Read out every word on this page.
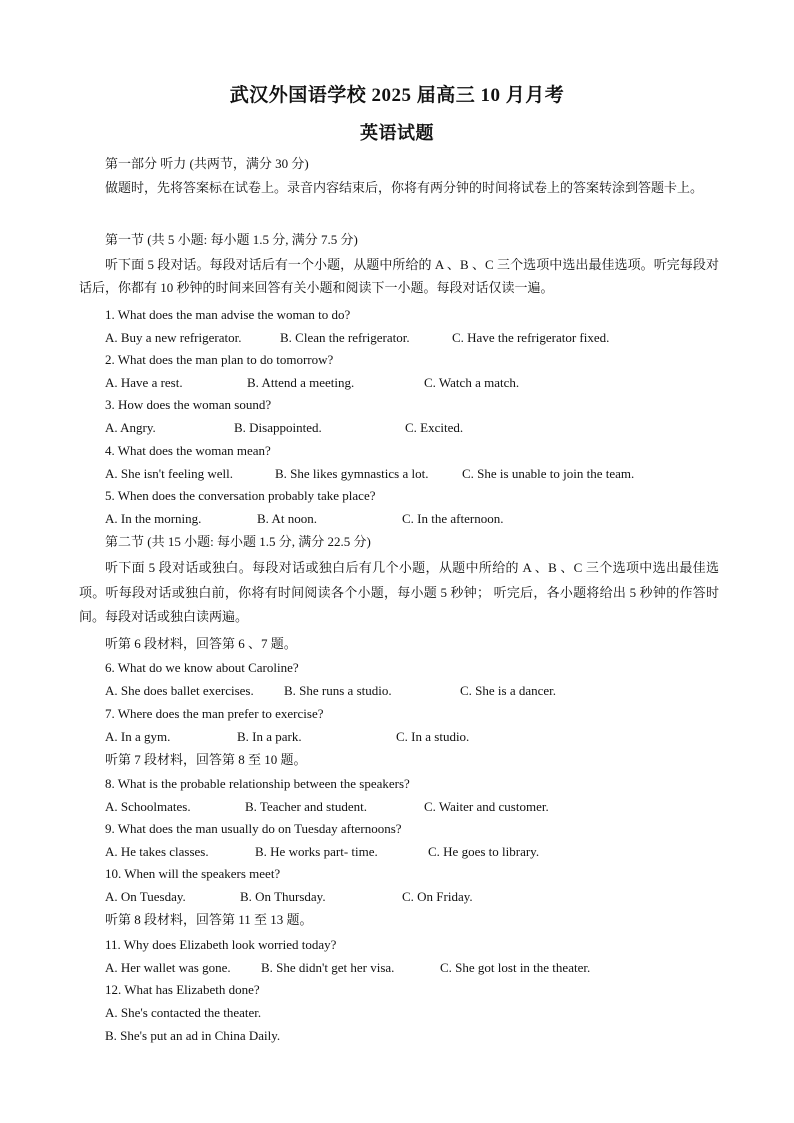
武汉外国语学校 2025 届高三 10 月月考
英语试题
第一部分 听力 (共两节，满分 30 分)
做题时，先将答案标在试卷上。录音内容结束后，你将有两分钟的时间将试卷上的答案转涂到答题卡上。
第一节 (共 5 小题: 每小题 1.5 分, 满分 7.5 分)
听下面 5 段对话。每段对话后有一个小题，从题中所给的 A 、B 、C 三个选项中选出最佳选项。听完每段对话后，你都有 10 秒钟的时间来回答有关小题和阅读下一小题。每段对话仅读一遍。
1. What does the man advise the woman to do?
A. Buy a new refrigerator.	B. Clean the refrigerator.	C. Have the refrigerator fixed.
2. What does the man plan to do tomorrow?
A. Have a rest.	B. Attend a meeting.	C. Watch a match.
3. How does the woman sound?
A. Angry.	B. Disappointed.	C. Excited.
4. What does the woman mean?
A. She isn't feeling well.	B. She likes gymnastics a lot.	C. She is unable to join the team.
5. When does the conversation probably take place?
A. In the morning.	B. At noon.	C. In the afternoon.
第二节 (共 15 小题: 每小题 1.5 分, 满分 22.5 分)
听下面 5 段对话或独白。每段对话或独白后有几个小题，从题中所给的 A 、B 、C 三个选项中选出最佳选项。听每段对话或独白前，你将有时间阅读各个小题，每小题 5 秒钟； 听完后，各小题将给出 5 秒钟的作答时间。每段对话或独白读两遍。
听第 6 段材料，回答第 6 、7 题。
6. What do we know about Caroline?
A. She does ballet exercises. B. She runs a studio.	C. She is a dancer.
7. Where does the man prefer to exercise?
A. In a gym.	B. In a park.	C. In a studio.
听第 7 段材料，回答第 8 至 10 题。
8. What is the probable relationship between the speakers?
A. Schoolmates.	B. Teacher and student.	C. Waiter and customer.
9. What does the man usually do on Tuesday afternoons?
A. He takes classes.	B. He works part- time.	C. He goes to library.
10. When will the speakers meet?
A. On Tuesday.	B. On Thursday.	C. On Friday.
听第 8 段材料，回答第 11 至 13 题。
11. Why does Elizabeth look worried today?
A. Her wallet was gone. B. She didn't get her visa.	C. She got lost in the theater.
12. What has Elizabeth done?
A. She's contacted the theater.
B. She's put an ad in China Daily.
